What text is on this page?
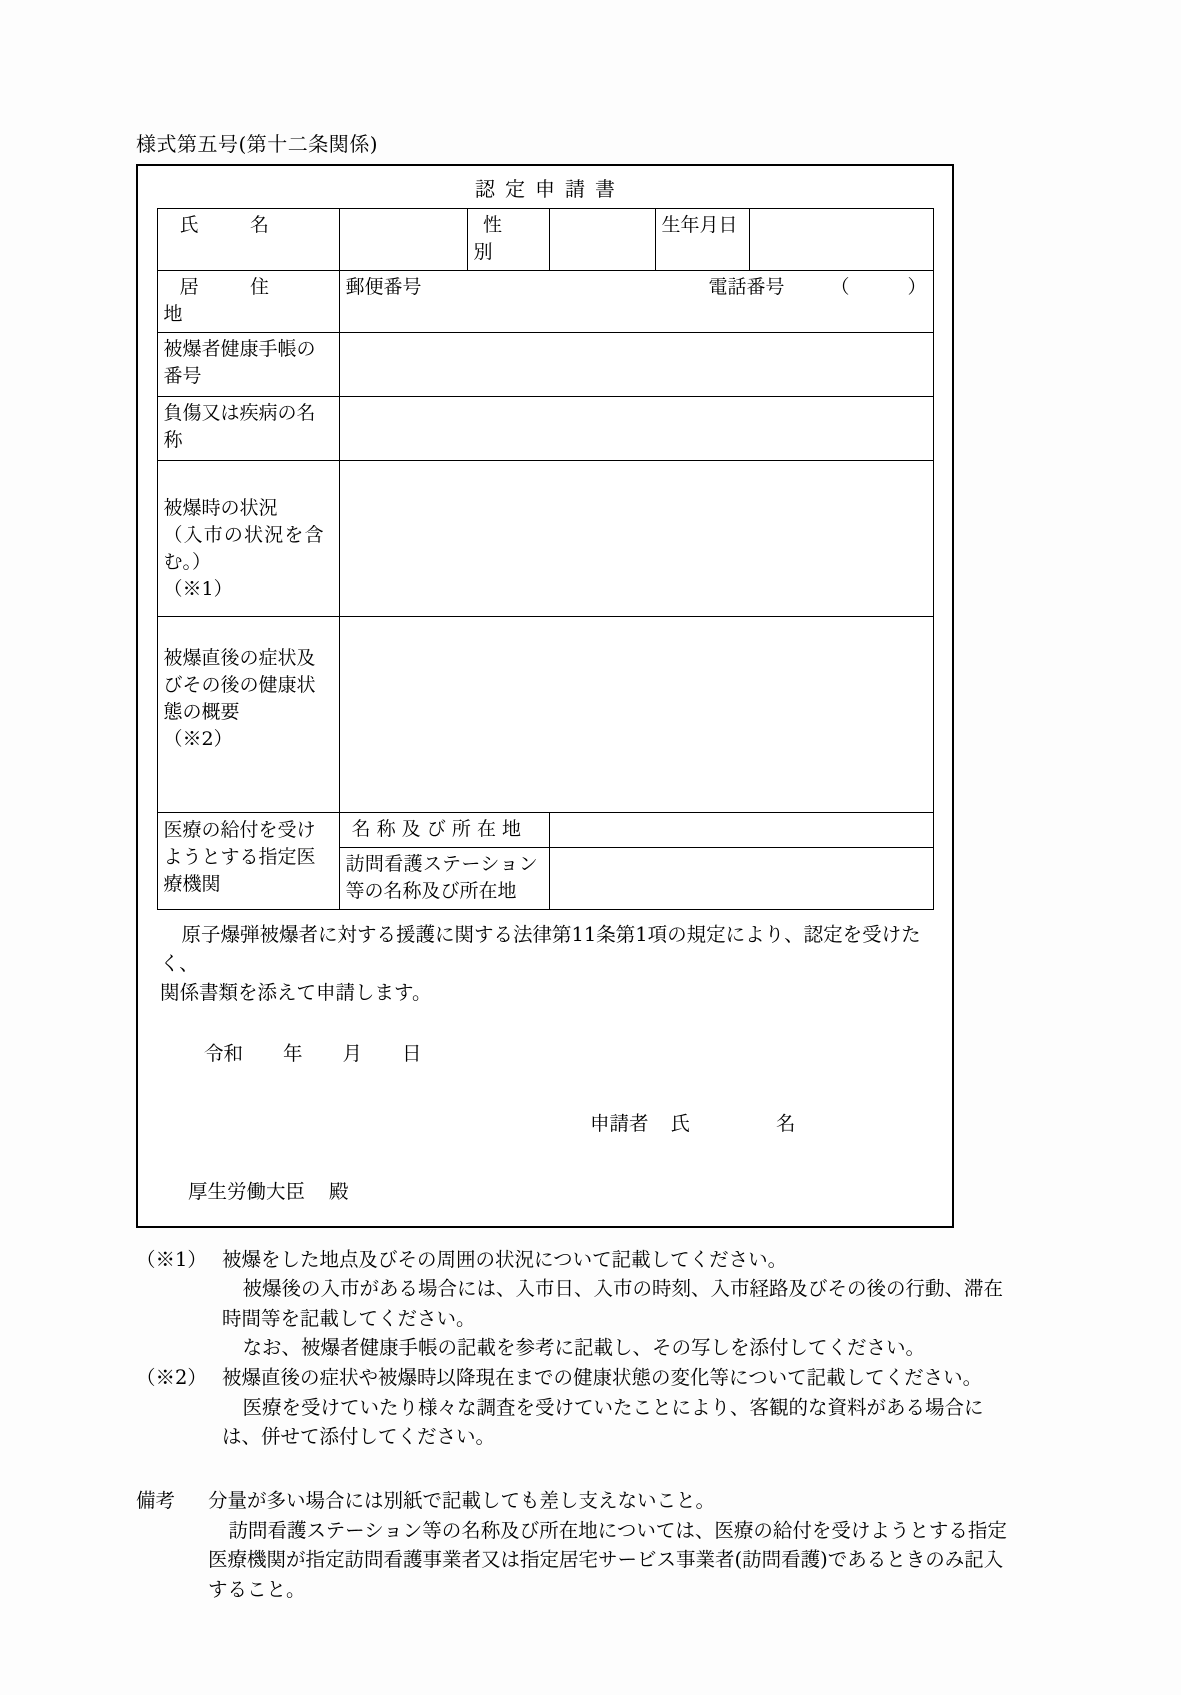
様式第五号(第十二条関係)
認定申請書
氏　名		性　別		生年月日	

居　住　地	郵便番号 電話番号 （ ）				

被爆者健康手帳の番号					
負傷又は疾病の名称					
被爆時の状況
（入市の状況を含
む。）
（※1）					

被爆直後の症状及
びその後の健康状
態の概要
（※2）					

医療の給付を受け
ようとする指定医
療機関	名称及び所在地				

	訪問看護ステーション
等の名称及び所在地				

原子爆弾被爆者に対する援護に関する法律第11条第1項の規定により、認定を受けたく、

関係書類を添えて申請します。

令和 年 月 日
申請者 氏	名
厚生労働大臣 殿
（※1） 被爆をした地点及びその周囲の状況について記載してください。

被爆後の入市がある場合には、入市日、入市の時刻、入市経路及びその後の行動、滞在時間等を記載してください。

なお、被爆者健康手帳の記載を参考に記載し、その写しを添付してください。

（※2） 被爆直後の症状や被爆時以降現在までの健康状態の変化等について記載してください。

医療を受けていたり様々な調査を受けていたことにより、客観的な資料がある場合には、併せて添付してください。

備考	分量が多い場合には別紙で記載しても差し支えないこと。

訪問看護ステーション等の名称及び所在地については、医療の給付を受けようとする指定医療機関が指定訪問看護事業者又は指定居宅サービス事業者(訪問看護)であるときのみ記入すること。
